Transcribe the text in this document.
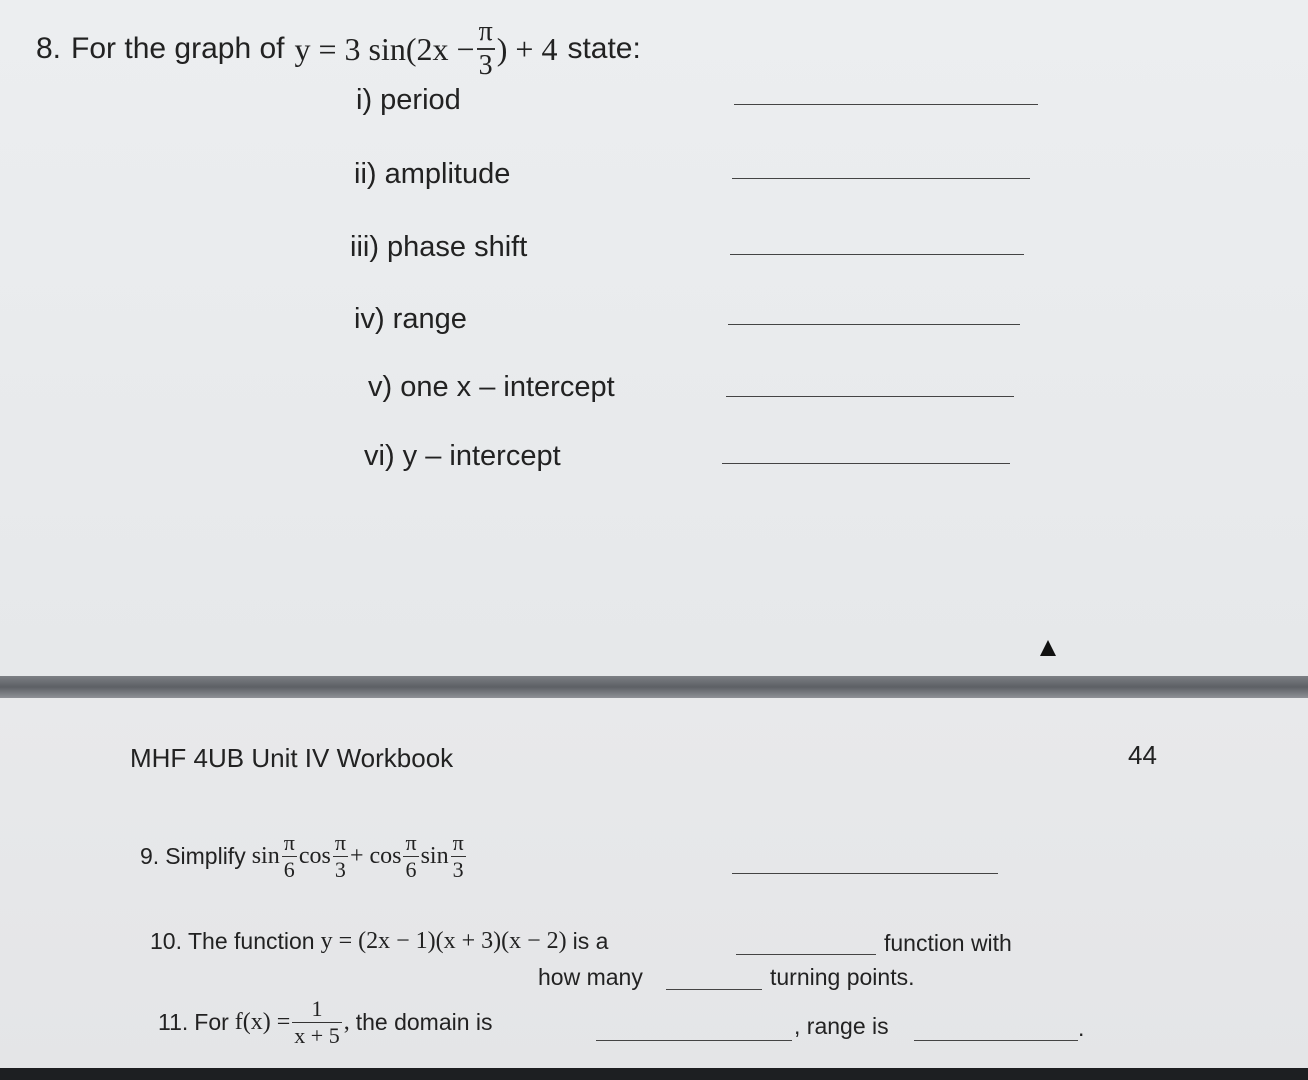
8. For the graph of y = 3 $\sin(2x - \frac{\pi}{3}$ ) + 4 state:
i) period
ii) amplitude
iii) phase shift
iv) range
v) one x – intercept
vi) y – intercept
MHF 4UB Unit IV Workbook	44
9. Simplify $\sin \frac{\pi}{6}$ $\cos \frac{\pi}{3} + \cos \frac{\pi}{6}$ $\sin \frac{\pi}{3}$
10. The function y = (2x − 1)(x + 3)(x − 2) is a	function with
how many	turning points.
11. For $f(x) = \frac{1}{x + 5}$ , the domain is	, range is	.
